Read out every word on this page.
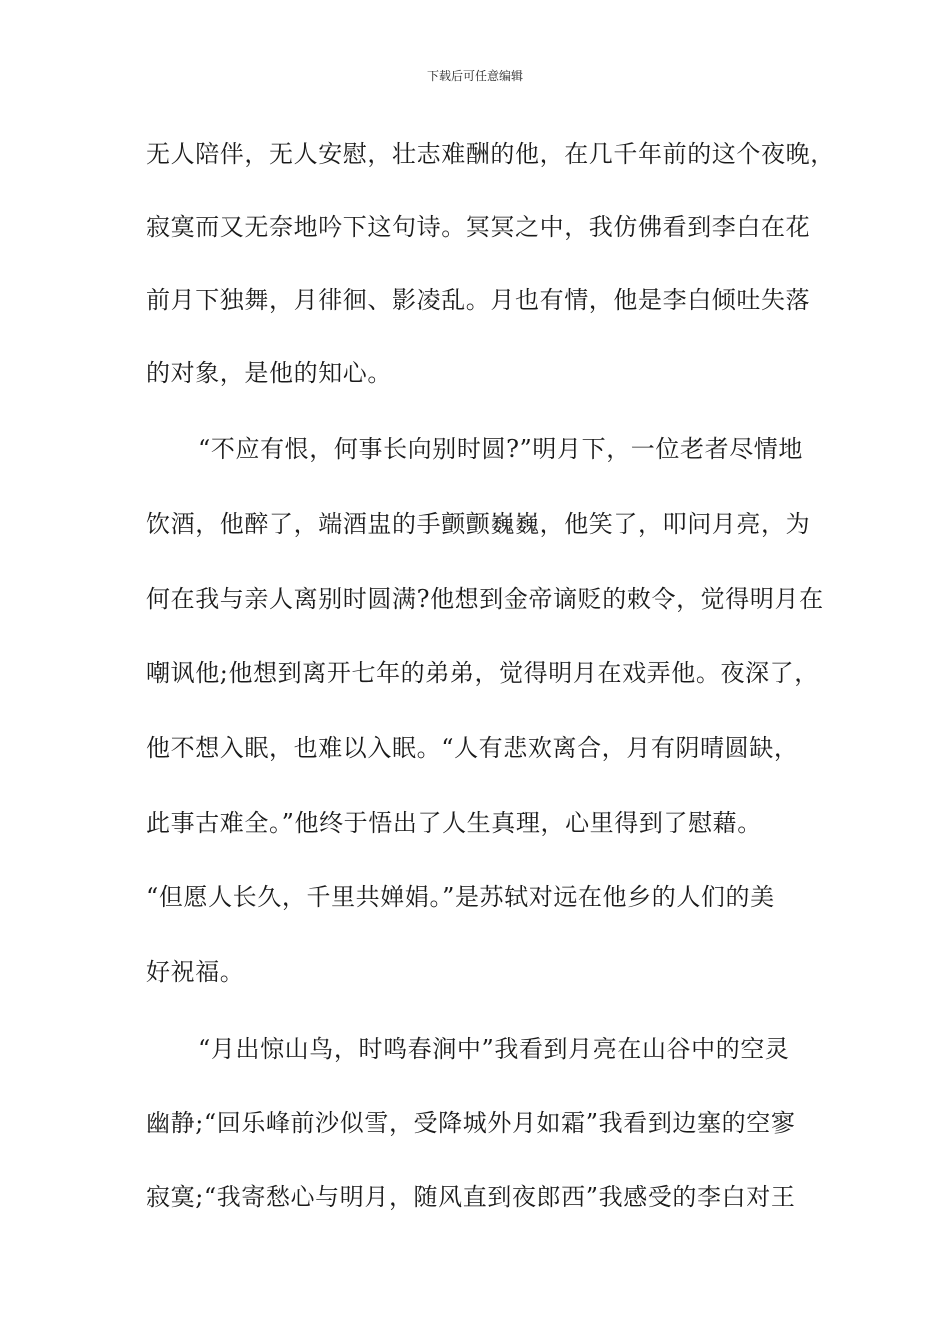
下载后可任意编辑
无人陪伴，无人安慰，壮志难酬的他，在几千年前的这个夜晚，
寂寞而又无奈地吟下这句诗。冥冥之中，我仿佛看到李白在花
前月下独舞，月徘徊、影凌乱。月也有情，他是李白倾吐失落
的对象，是他的知心。
“不应有恨，何事长向别时圆?”明月下，一位老者尽情地
饮酒，他醉了，端酒盅的手颤颤巍巍，他笑了，叩问月亮，为
何在我与亲人离别时圆满?他想到金帝谪贬的敕令，觉得明月在
嘲讽他;他想到离开七年的弟弟，觉得明月在戏弄他。夜深了，
他不想入眠，也难以入眠。“人有悲欢离合，月有阴晴圆缺，
此事古难全。”他终于悟出了人生真理，心里得到了慰藉。
“但愿人长久，千里共婵娟。”是苏轼对远在他乡的人们的美
好祝福。
“月出惊山鸟，时鸣春涧中”我看到月亮在山谷中的空灵
幽静;“回乐峰前沙似雪，受降城外月如霜”我看到边塞的空寥
寂寞;“我寄愁心与明月，随风直到夜郎西”我感受的李白对王
